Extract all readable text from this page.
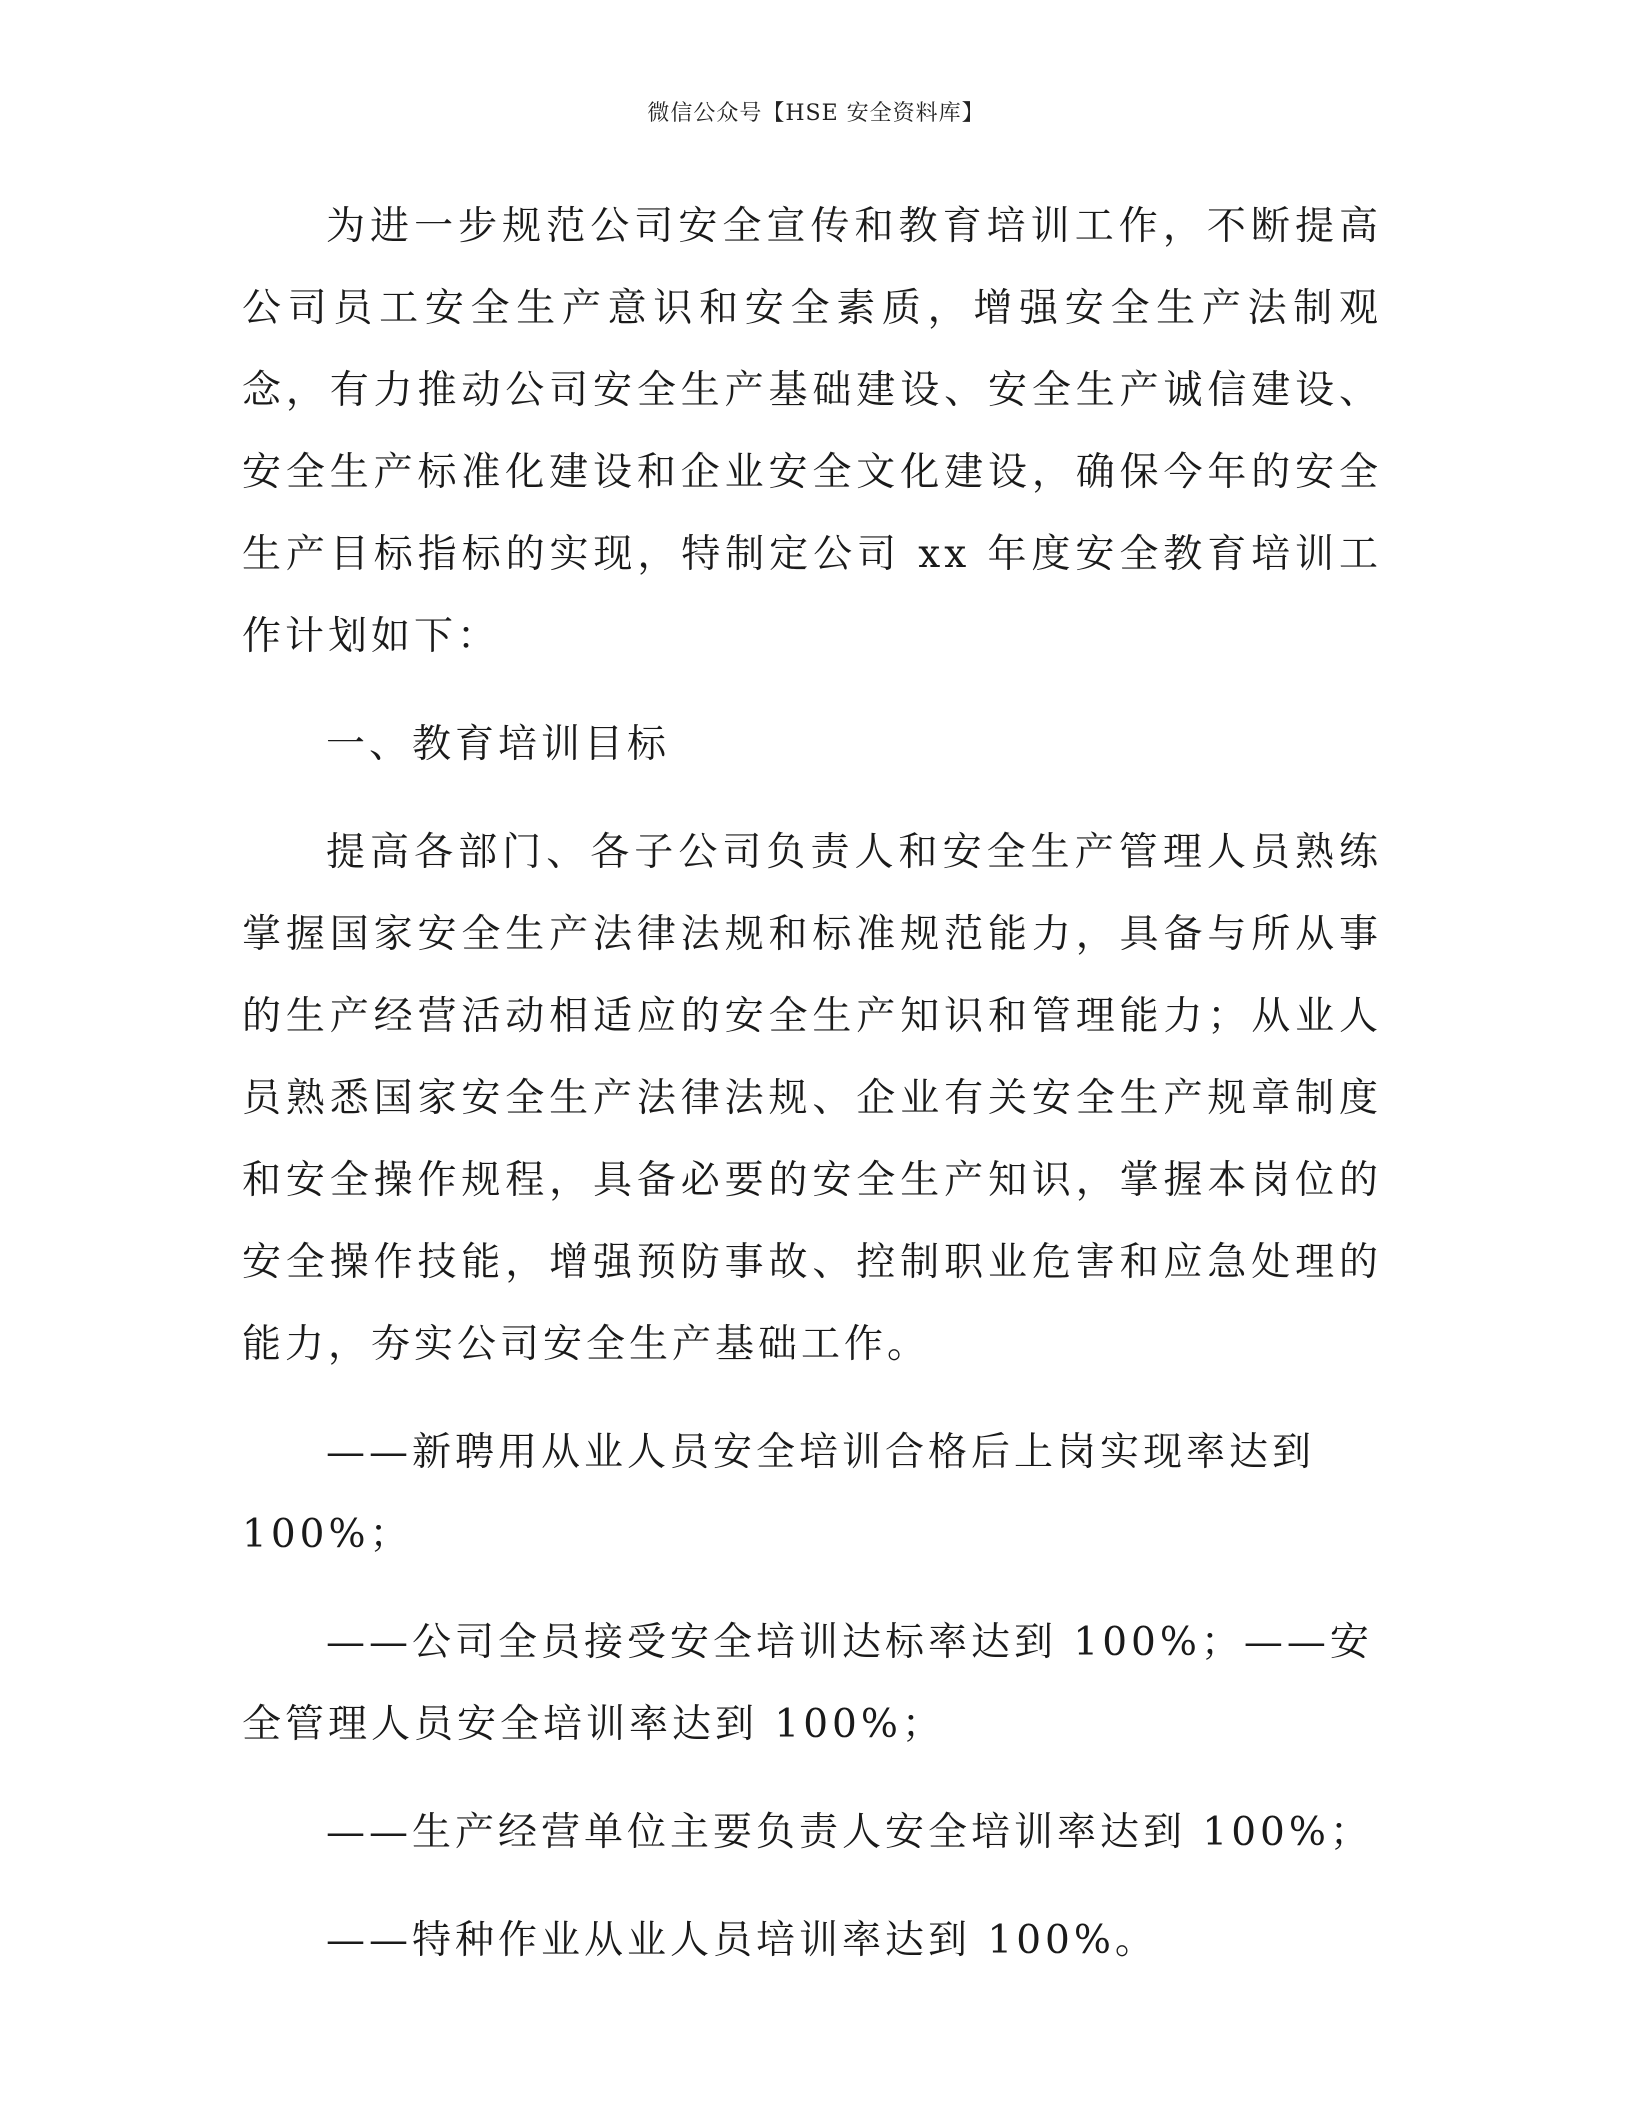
微信公众号【HSE 安全资料库】

为进一步规范公司安全宣传和教育培训工作，不断提高公司员工安全生产意识和安全素质，增强安全生产法制观念，有力推动公司安全生产基础建设、安全生产诚信建设、安全生产标准化建设和企业安全文化建设，确保今年的安全生产目标指标的实现，特制定公司 xx 年度安全教育培训工作计划如下：

一、教育培训目标

提高各部门、各子公司负责人和安全生产管理人员熟练掌握国家安全生产法律法规和标准规范能力，具备与所从事的生产经营活动相适应的安全生产知识和管理能力；从业人员熟悉国家安全生产法律法规、企业有关安全生产规章制度和安全操作规程，具备必要的安全生产知识，掌握本岗位的安全操作技能，增强预防事故、控制职业危害和应急处理的能力，夯实公司安全生产基础工作。

——新聘用从业人员安全培训合格后上岗实现率达到 100%；

——公司全员接受安全培训达标率达到 100%；——安全管理人员安全培训率达到 100%；

——生产经营单位主要负责人安全培训率达到 100%；

——特种作业从业人员培训率达到 100%。
